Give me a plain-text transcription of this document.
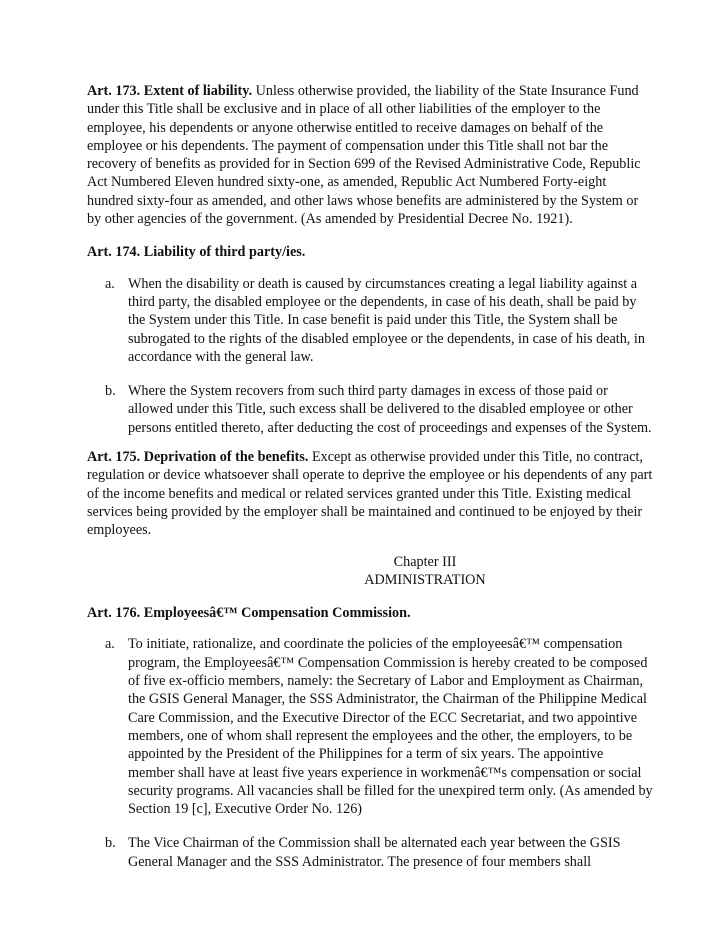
Art. 173. Extent of liability. Unless otherwise provided, the liability of the State Insurance Fund under this Title shall be exclusive and in place of all other liabilities of the employer to the employee, his dependents or anyone otherwise entitled to receive damages on behalf of the employee or his dependents. The payment of compensation under this Title shall not bar the recovery of benefits as provided for in Section 699 of the Revised Administrative Code, Republic Act Numbered Eleven hundred sixty-one, as amended, Republic Act Numbered Forty-eight hundred sixty-four as amended, and other laws whose benefits are administered by the System or by other agencies of the government. (As amended by Presidential Decree No. 1921).

Art. 174. Liability of third party/ies.

a. When the disability or death is caused by circumstances creating a legal liability against a third party, the disabled employee or the dependents, in case of his death, shall be paid by the System under this Title. In case benefit is paid under this Title, the System shall be subrogated to the rights of the disabled employee or the dependents, in case of his death, in accordance with the general law.
b. Where the System recovers from such third party damages in excess of those paid or allowed under this Title, such excess shall be delivered to the disabled employee or other persons entitled thereto, after deducting the cost of proceedings and expenses of the System.

Art. 175. Deprivation of the benefits. Except as otherwise provided under this Title, no contract, regulation or device whatsoever shall operate to deprive the employee or his dependents of any part of the income benefits and medical or related services granted under this Title. Existing medical services being provided by the employer shall be maintained and continued to be enjoyed by their employees.

Chapter III
ADMINISTRATION

Art. 176. Employeesâ€™ Compensation Commission.

a. To initiate, rationalize, and coordinate the policies of the employeesâ€™ compensation program, the Employeesâ€™ Compensation Commission is hereby created to be composed of five ex-officio members, namely: the Secretary of Labor and Employment as Chairman, the GSIS General Manager, the SSS Administrator, the Chairman of the Philippine Medical Care Commission, and the Executive Director of the ECC Secretariat, and two appointive members, one of whom shall represent the employees and the other, the employers, to be appointed by the President of the Philippines for a term of six years. The appointive member shall have at least five years experience in workmenâ€™s compensation or social security programs. All vacancies shall be filled for the unexpired term only. (As amended by Section 19 [c], Executive Order No. 126)
b. The Vice Chairman of the Commission shall be alternated each year between the GSIS General Manager and the SSS Administrator. The presence of four members shall
